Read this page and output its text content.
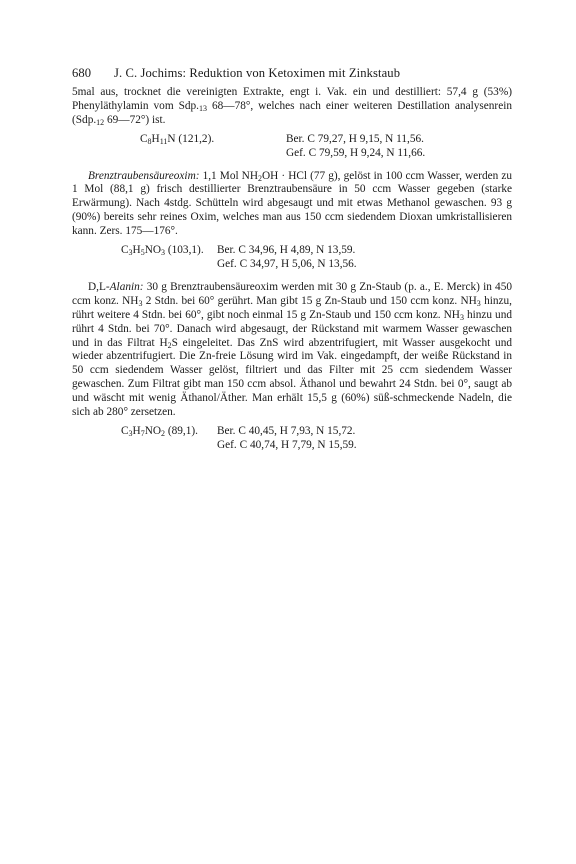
680 J. C. Jochims: Reduktion von Ketoximen mit Zinkstaub

5mal aus, trocknet die vereinigten Extrakte, engt i. Vak. ein und destilliert: 57,4 g (53%) Phenyläthylamin vom $Sdp._{13}$ 68—78°, welches nach einer weiteren Destillation analysenrein ($Sdp._{12}$ 69—72°) ist.

$C_8H_{11}N$ (121,2).	Ber. C 79,27, H 9,15, N 11,56.
Gef. C 79,59, H 9,24, N 11,66.

Brenztraubensäureoxim: 1,1 Mol $NH_2OH$ · HCl (77 g), gelöst in 100 ccm Wasser, werden zu 1 Mol (88,1 g) frisch destillierter Brenztraubensäure in 50 ccm Wasser gegeben (starke Erwärmung). Nach 4stdg. Schütteln wird abgesaugt und mit etwas Methanol gewaschen. 93 g (90%) bereits sehr reines Oxim, welches man aus 150 ccm siedendem Dioxan umkristallisieren kann. Zers. 175—176°.

$C_3H_5NO_3$ (103,1). Ber. C 34,96, H 4,89, N 13,59.
Gef. C 34,97, H 5,06, N 13,56.

D,L-Alanin: 30 g Brenztraubensäureoxim werden mit 30 g Zn-Staub (p. a., E. Merck) in 450 ccm konz. $NH_3$ 2 Stdn. bei 60° gerührt. Man gibt 15 g Zn-Staub und 150 ccm konz. $NH_3$ hinzu, rührt weitere 4 Stdn. bei 60°, gibt noch einmal 15 g Zn-Staub und 150 ccm konz. $NH_3$ hinzu und rührt 4 Stdn. bei 70°. Danach wird abgesaugt, der Rückstand mit warmem Wasser gewaschen und in das Filtrat $H_2S$ eingeleitet. Das ZnS wird abzentrifugiert, mit Wasser ausgekocht und wieder abzentrifugiert. Die Zn-freie Lösung wird im Vak. eingedampft, der weiße Rückstand in 50 ccm siedendem Wasser gelöst, filtriert und das Filter mit 25 ccm siedendem Wasser gewaschen. Zum Filtrat gibt man 150 ccm absol. Äthanol und bewahrt 24 Stdn. bei 0°, saugt ab und wäscht mit wenig Äthanol/Äther. Man erhält 15,5 g (60%) süß-schmeckende Nadeln, die sich ab 280° zersetzen.

$C_3H_7NO_2$ (89,1). Ber. C 40,45, H 7,93, N 15,72.
Gef. C 40,74, H 7,79, N 15,59.
